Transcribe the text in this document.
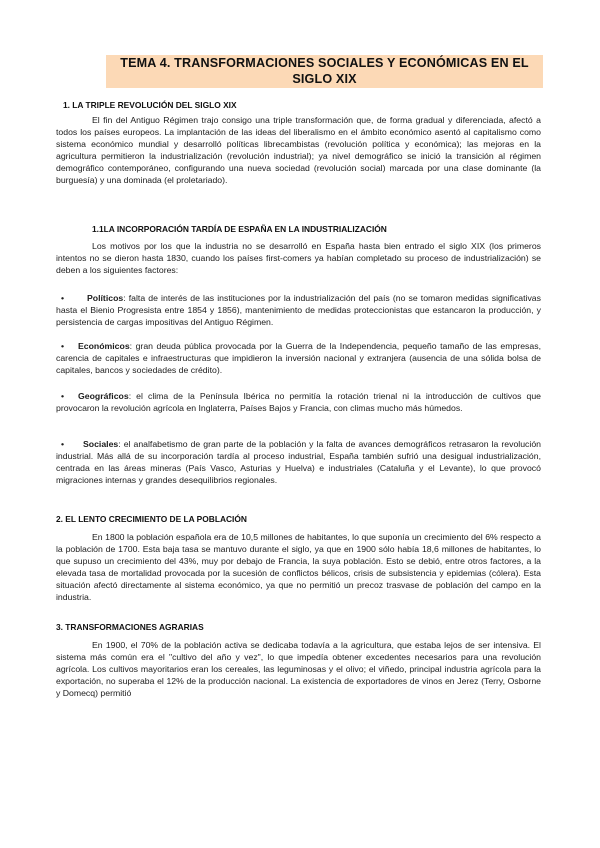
TEMA 4. TRANSFORMACIONES SOCIALES Y ECONÓMICAS EN EL SIGLO XIX
1. LA TRIPLE REVOLUCIÓN DEL SIGLO XIX
El fin del Antiguo Régimen trajo consigo una triple transformación que, de forma gradual y diferenciada, afectó a todos los países europeos. La implantación de las ideas del liberalismo en el ámbito económico asentó al capitalismo como sistema económico mundial y desarrolló políticas librecambistas (revolución política y económica); las mejoras en la agricultura permitieron la industrialización (revolución industrial); ya nivel demográfico se inició la transición al régimen demográfico contemporáneo, configurando una nueva sociedad (revolución social) marcada por una clase dominante (la burguesía) y una dominada (el proletariado).
1.1LA INCORPORACIÓN TARDÍA DE ESPAÑA EN LA INDUSTRIALIZACIÓN
Los motivos por los que la industria no se desarrolló en España hasta bien entrado el siglo XIX (los primeros intentos no se dieron hasta 1830, cuando los países first-comers ya habían completado su proceso de industrialización) se deben a los siguientes factores:
•	Políticos: falta de interés de las instituciones por la industrialización del país (no se tomaron medidas significativas hasta el Bienio Progresista entre 1854 y 1856), mantenimiento de medidas proteccionistas que estancaron la producción, y persistencia de cargas impositivas del Antiguo Régimen.
•	Económicos: gran deuda pública provocada por la Guerra de la Independencia, pequeño tamaño de las empresas, carencia de capitales e infraestructuras que impidieron la inversión nacional y extranjera (ausencia de una sólida bolsa de capitales, bancos y sociedades de crédito).
•	Geográficos: el clima de la Península Ibérica no permitía la rotación trienal ni la introducción de cultivos que provocaron la revolución agrícola en Inglaterra, Países Bajos y Francia, con climas mucho más húmedos.
•	Sociales: el analfabetismo de gran parte de la población y la falta de avances demográficos retrasaron la revolución industrial. Más allá de su incorporación tardía al proceso industrial, España también sufrió una desigual industrialización, centrada en las áreas mineras (País Vasco, Asturias y Huelva) e industriales (Cataluña y el Levante), lo que provocó migraciones internas y grandes desequilibrios regionales.
2. EL LENTO CRECIMIENTO DE LA POBLACIÓN
En 1800 la población española era de 10,5 millones de habitantes, lo que suponía un crecimiento del 6% respecto a la población de 1700. Esta baja tasa se mantuvo durante el siglo, ya que en 1900 sólo había 18,6 millones de habitantes, lo que supuso un crecimiento del 43%, muy por debajo de Francia, la suya población. Esto se debió, entre otros factores, a la elevada tasa de mortalidad provocada por la sucesión de conflictos bélicos, crisis de subsistencia y epidemias (cólera). Esta situación afectó directamente al sistema económico, ya que no permitió un precoz trasvase de población del campo en la industria.
3. TRANSFORMACIONES AGRARIAS
En 1900, el 70% de la población activa se dedicaba todavía a la agricultura, que estaba lejos de ser intensiva. El sistema más común era el "cultivo del año y vez", lo que impedía obtener excedentes necesarios para una revolución agrícola. Los cultivos mayoritarios eran los cereales, las leguminosas y el olivo; el viñedo, principal industria agrícola para la exportación, no superaba el 12% de la producción nacional. La existencia de exportadores de vinos en Jerez (Terry, Osborne y Domecq) permitió
